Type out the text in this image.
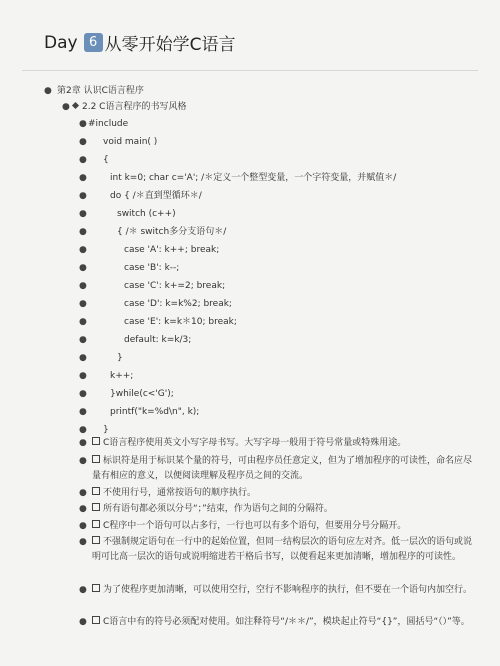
Day 6 从零开始学C语言
● 第2章 认识C语言程序
●	2.2 C语言程序的书写风格
● #include
● void main( )
● {
●	int k=0; char c='A'; /＊定义一个整型变量，一个字符变量，并赋值＊/
●	do { /＊直到型循环＊/
●	switch (c++)
●	{ /＊ switch多分支语句＊/
●	case 'A': k++; break;
●	case 'B': k--;
●	case 'C': k+=2; break;
●	case 'D': k=k%2; break;
●	case 'E': k=k＊10; break;
●	default: k=k/3;
●	}
●	k++;
●	}while(c<'G');
●	printf("k=%d\n", k);
● }
●	C语言程序使用英文小写字母书写。大写字母一般用于符号常量或特殊用途。
●	标识符是用于标识某个量的符号，可由程序员任意定义，但为了增加程序的可读性，命名应尽量有相应的意义，以便阅读理解及程序员之间的交流。
●	不使用行号，通常按语句的顺序执行。
●	所有语句都必须以分号“；”结束，作为语句之间的分隔符。
●	C程序中一个语句可以占多行，一行也可以有多个语句，但要用分号分隔开。
●	不强制规定语句在一行中的起始位置，但同一结构层次的语句应左对齐。低一层次的语句或说明可比高一层次的语句或说明缩进若干格后书写，以便看起来更加清晰，增加程序的可读性。
●	为了使程序更加清晰，可以使用空行，空行不影响程序的执行，但不要在一个语句内加空行。
●	C语言中有的符号必须配对使用。如注释符号“/＊＊/”，模块起止符号“{}”，圆括号“（）”等。
